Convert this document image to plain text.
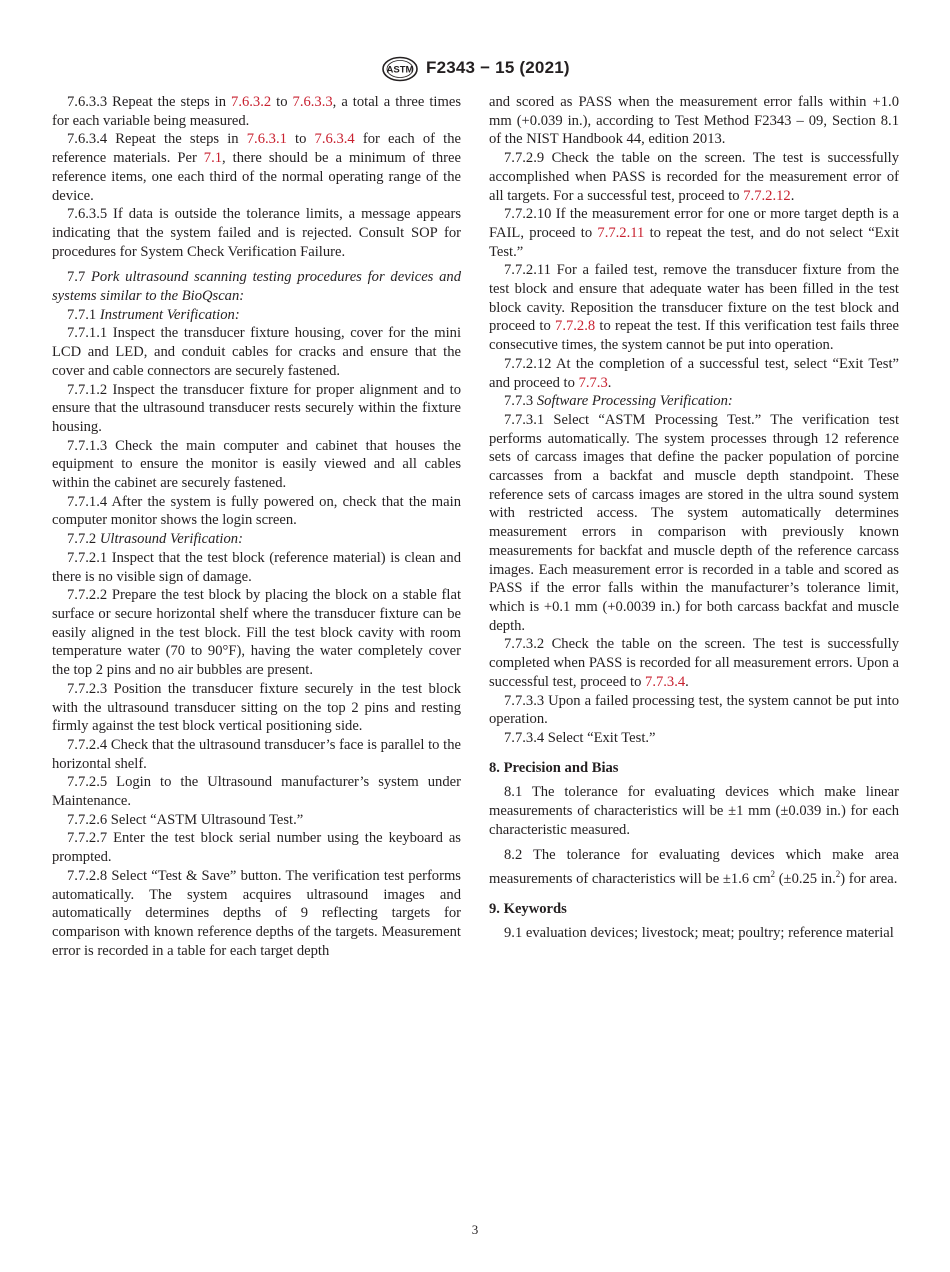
ASTM F2343 − 15 (2021)

7.6.3.3 Repeat the steps in 7.6.3.2 to 7.6.3.3, a total a three times for each variable being measured.

7.6.3.4 Repeat the steps in 7.6.3.1 to 7.6.3.4 for each of the reference materials. Per 7.1, there should be a minimum of three reference items, one each third of the normal operating range of the device.

7.6.3.5 If data is outside the tolerance limits, a message appears indicating that the system failed and is rejected. Consult SOP for procedures for System Check Verification Failure.

7.7 Pork ultrasound scanning testing procedures for devices and systems similar to the BioQscan:

7.7.1 Instrument Verification:

7.7.1.1 Inspect the transducer fixture housing, cover for the mini LCD and LED, and conduit cables for cracks and ensure that the cover and cable connectors are securely fastened.

7.7.1.2 Inspect the transducer fixture for proper alignment and to ensure that the ultrasound transducer rests securely within the fixture housing.

7.7.1.3 Check the main computer and cabinet that houses the equipment to ensure the monitor is easily viewed and all cables within the cabinet are securely fastened.

7.7.1.4 After the system is fully powered on, check that the main computer monitor shows the login screen.

7.7.2 Ultrasound Verification:

7.7.2.1 Inspect that the test block (reference material) is clean and there is no visible sign of damage.

7.7.2.2 Prepare the test block by placing the block on a stable flat surface or secure horizontal shelf where the transducer fixture can be easily aligned in the test block. Fill the test block cavity with room temperature water (70 to 90°F), having the water completely cover the top 2 pins and no air bubbles are present.

7.7.2.3 Position the transducer fixture securely in the test block with the ultrasound transducer sitting on the top 2 pins and resting firmly against the test block vertical positioning side.

7.7.2.4 Check that the ultrasound transducer’s face is parallel to the horizontal shelf.

7.7.2.5 Login to the Ultrasound manufacturer’s system under Maintenance.

7.7.2.6 Select “ASTM Ultrasound Test.”

7.7.2.7 Enter the test block serial number using the keyboard as prompted.

7.7.2.8 Select “Test & Save” button. The verification test performs automatically. The system acquires ultrasound images and automatically determines depths of 9 reflecting targets for comparison with known reference depths of the targets. Measurement error is recorded in a table for each target depth

and scored as PASS when the measurement error falls within +1.0 mm (+0.039 in.), according to Test Method F2343 – 09, Section 8.1 of the NIST Handbook 44, edition 2013.

7.7.2.9 Check the table on the screen. The test is successfully accomplished when PASS is recorded for the measurement error of all targets. For a successful test, proceed to 7.7.2.12.

7.7.2.10 If the measurement error for one or more target depth is a FAIL, proceed to 7.7.2.11 to repeat the test, and do not select “Exit Test.”

7.7.2.11 For a failed test, remove the transducer fixture from the test block and ensure that adequate water has been filled in the test block cavity. Reposition the transducer fixture on the test block and proceed to 7.7.2.8 to repeat the test. If this verification test fails three consecutive times, the system cannot be put into operation.

7.7.2.12 At the completion of a successful test, select “Exit Test” and proceed to 7.7.3.

7.7.3 Software Processing Verification:

7.7.3.1 Select “ASTM Processing Test.” The verification test performs automatically. The system processes through 12 reference sets of carcass images that define the packer population of porcine carcasses from a backfat and muscle depth standpoint. These reference sets of carcass images are stored in the ultra sound system with restricted access. The system automatically determines measurement errors in comparison with previously known measurements for backfat and muscle depth of the reference carcass images. Each measurement error is recorded in a table and scored as PASS if the error falls within the manufacturer’s tolerance limit, which is +0.1 mm (+0.0039 in.) for both carcass backfat and muscle depth.

7.7.3.2 Check the table on the screen. The test is successfully completed when PASS is recorded for all measurement errors. Upon a successful test, proceed to 7.7.3.4.

7.7.3.3 Upon a failed processing test, the system cannot be put into operation.

7.7.3.4 Select “Exit Test.”

8. Precision and Bias

8.1 The tolerance for evaluating devices which make linear measurements of characteristics will be ±1 mm (±0.039 in.) for each characteristic measured.

8.2 The tolerance for evaluating devices which make area measurements of characteristics will be ±1.6 $cm^2$ (±0.25 in.$^2$) for area.

9. Keywords

9.1 evaluation devices; livestock; meat; poultry; reference material

3
